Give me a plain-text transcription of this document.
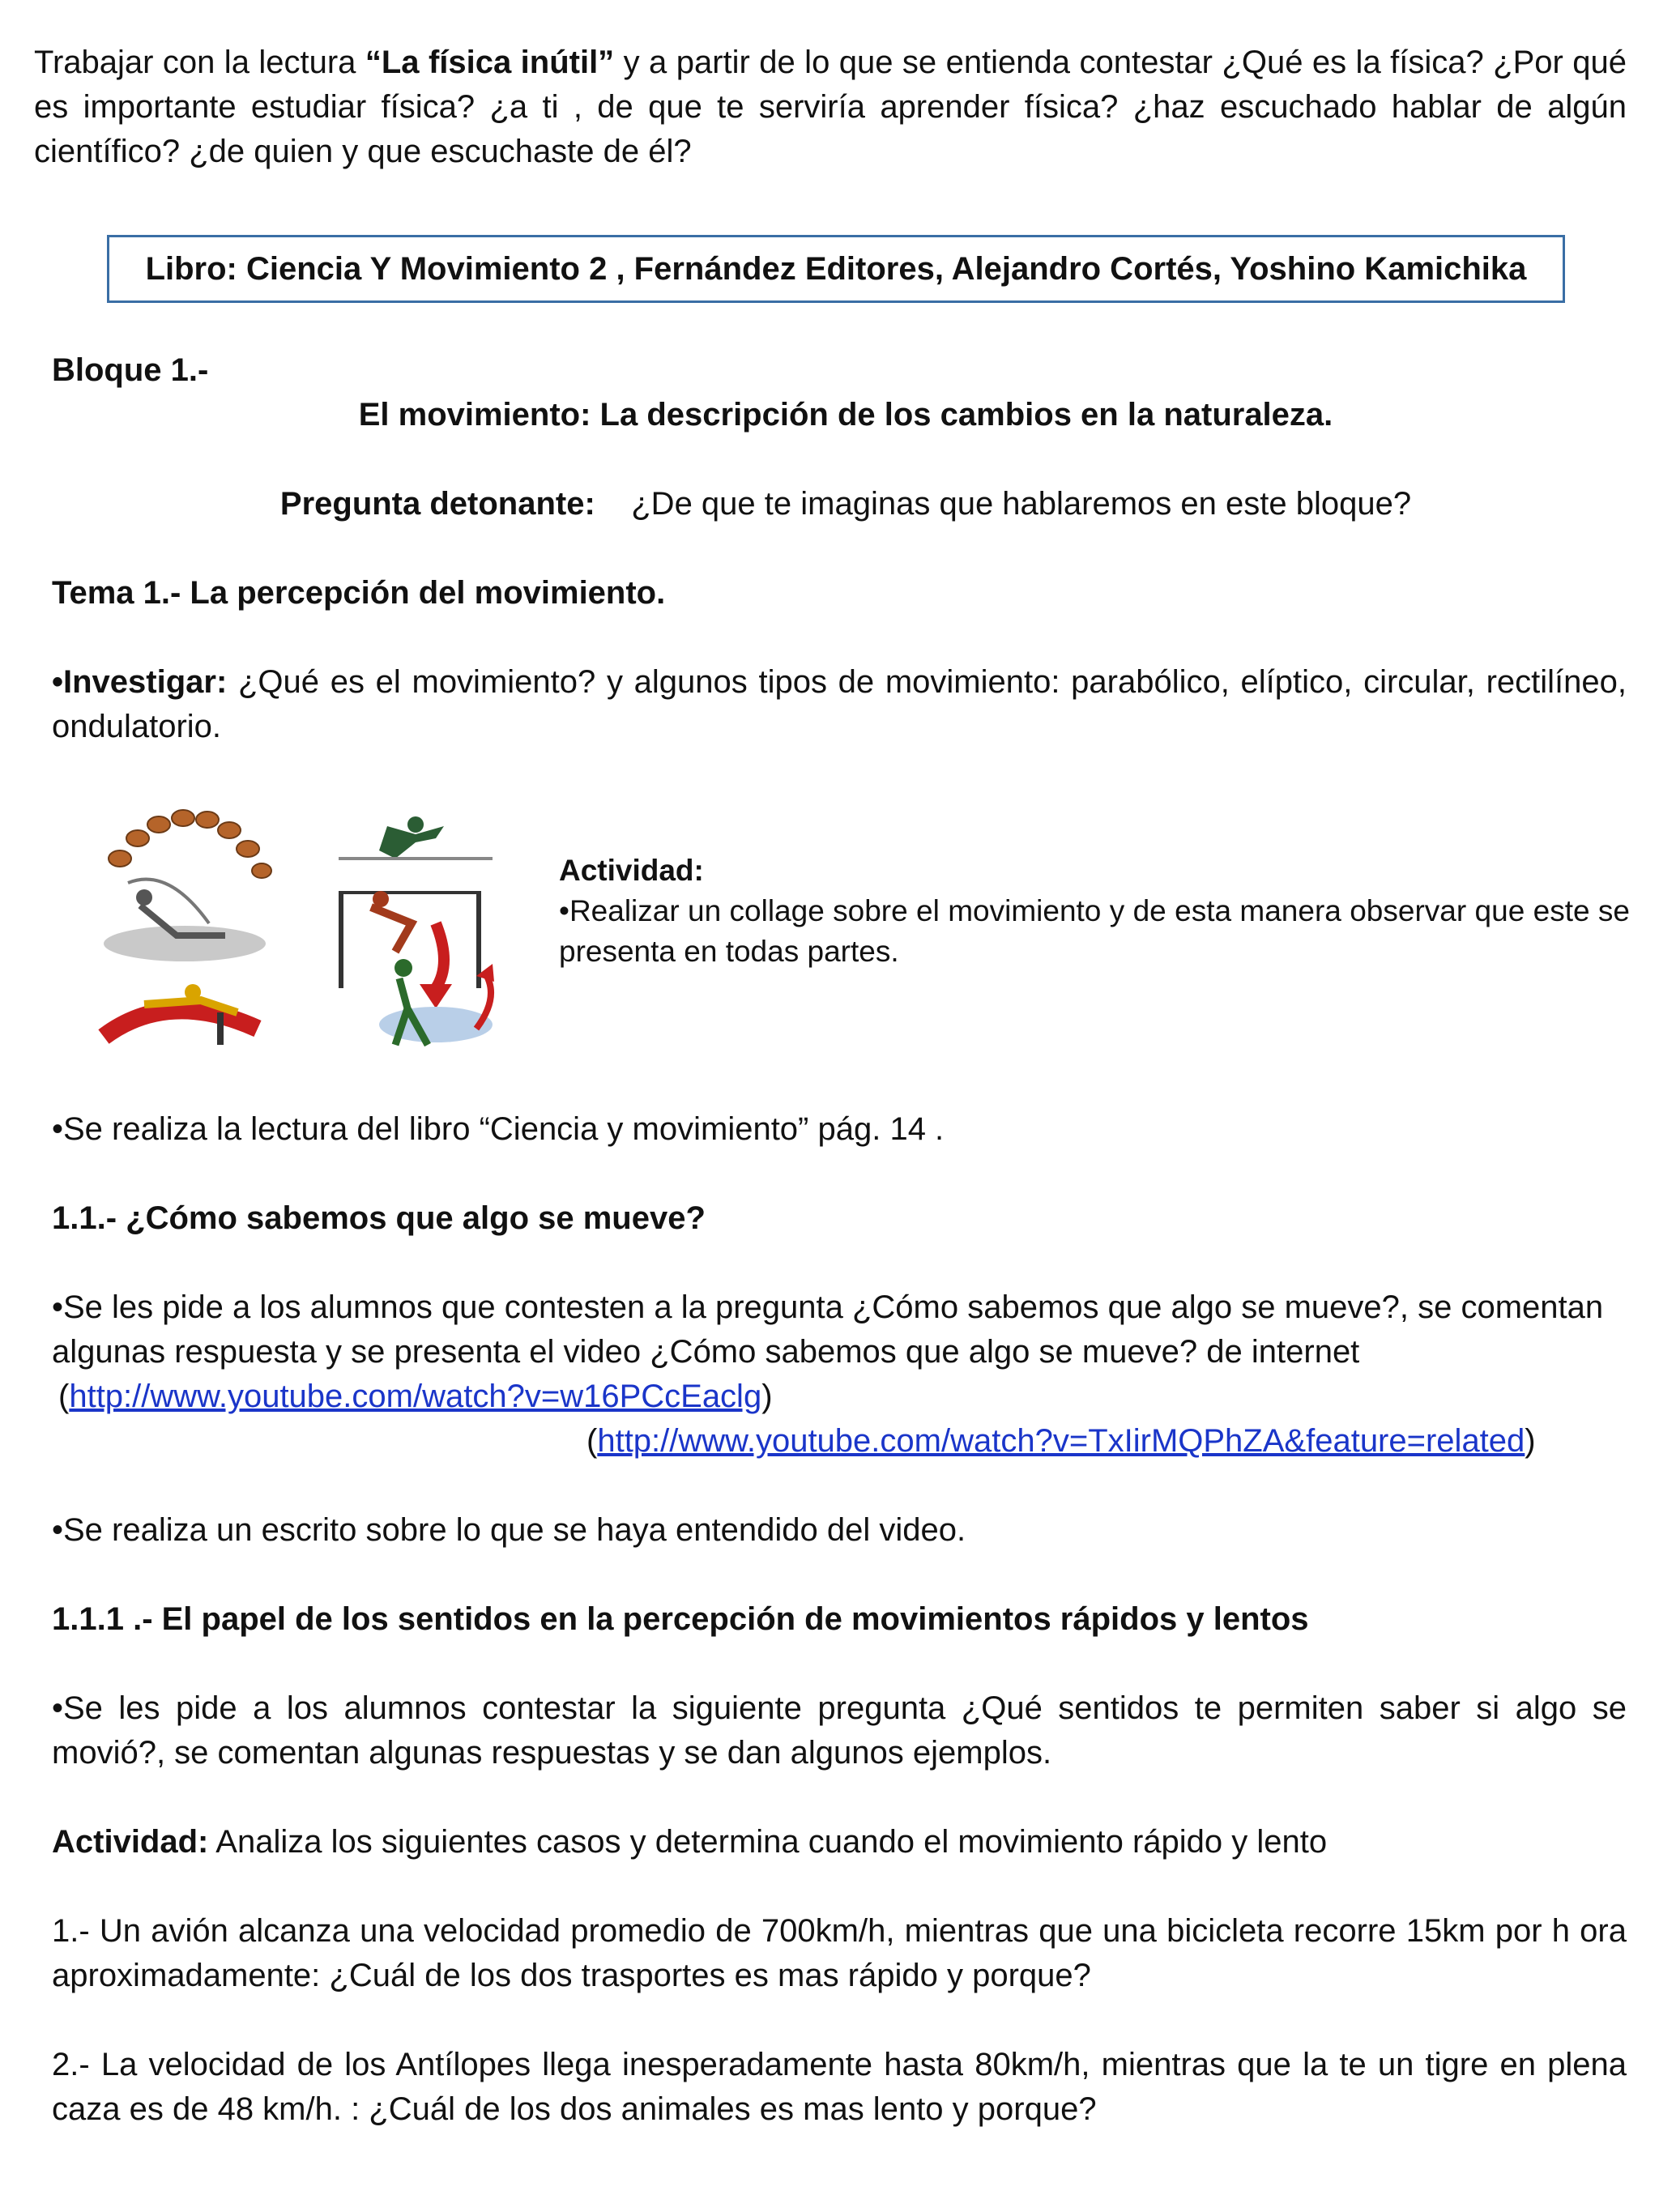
Trabajar con la lectura “La física inútil” y a partir de lo que se entienda contestar ¿Qué es la física? ¿Por qué es importante estudiar física? ¿a ti , de que te serviría aprender física? ¿haz escuchado hablar de algún científico? ¿de quien y que escuchaste de él?

Libro: Ciencia Y Movimiento 2 , Fernández Editores, Alejandro Cortés, Yoshino Kamichika

Bloque 1.-

El movimiento: La descripción de los cambios en la naturaleza.

Pregunta detonante: ¿De que te imaginas que hablaremos en este bloque?

Tema 1.- La percepción del movimiento.

•Investigar: ¿Qué es el movimiento? y algunos tipos de movimiento: parabólico, elíptico, circular, rectilíneo, ondulatorio.

Actividad:
•Realizar un collage sobre el movimiento y de esta manera observar que este se presenta en todas partes.

•Se realiza la lectura del libro “Ciencia y movimiento” pág. 14 .

1.1.- ¿Cómo sabemos que algo se mueve?

•Se les pide a los alumnos que contesten a la pregunta ¿Cómo sabemos que algo se mueve?, se comentan algunas respuesta y se presenta el video ¿Cómo sabemos que algo se mueve? de internet

(http://www.youtube.com/watch?v=w16PCcEaclg)

(http://www.youtube.com/watch?v=TxIirMQPhZA&feature=related)

•Se realiza un escrito sobre lo que se haya entendido del video.

1.1.1 .- El papel de los sentidos en la percepción de movimientos rápidos y lentos

•Se les pide a los alumnos contestar la siguiente pregunta ¿Qué sentidos te permiten saber si algo se movió?, se comentan algunas respuestas y se dan algunos ejemplos.

Actividad: Analiza los siguientes casos y determina cuando el movimiento rápido y lento

1.- Un avión alcanza una velocidad promedio de 700km/h, mientras que una bicicleta recorre 15km por h ora aproximadamente: ¿Cuál de los dos trasportes es mas rápido y porque?

2.- La velocidad de los Antílopes llega inesperadamente hasta 80km/h, mientras que la te un tigre en plena caza es de 48 km/h. : ¿Cuál de los dos animales es mas lento y porque?
